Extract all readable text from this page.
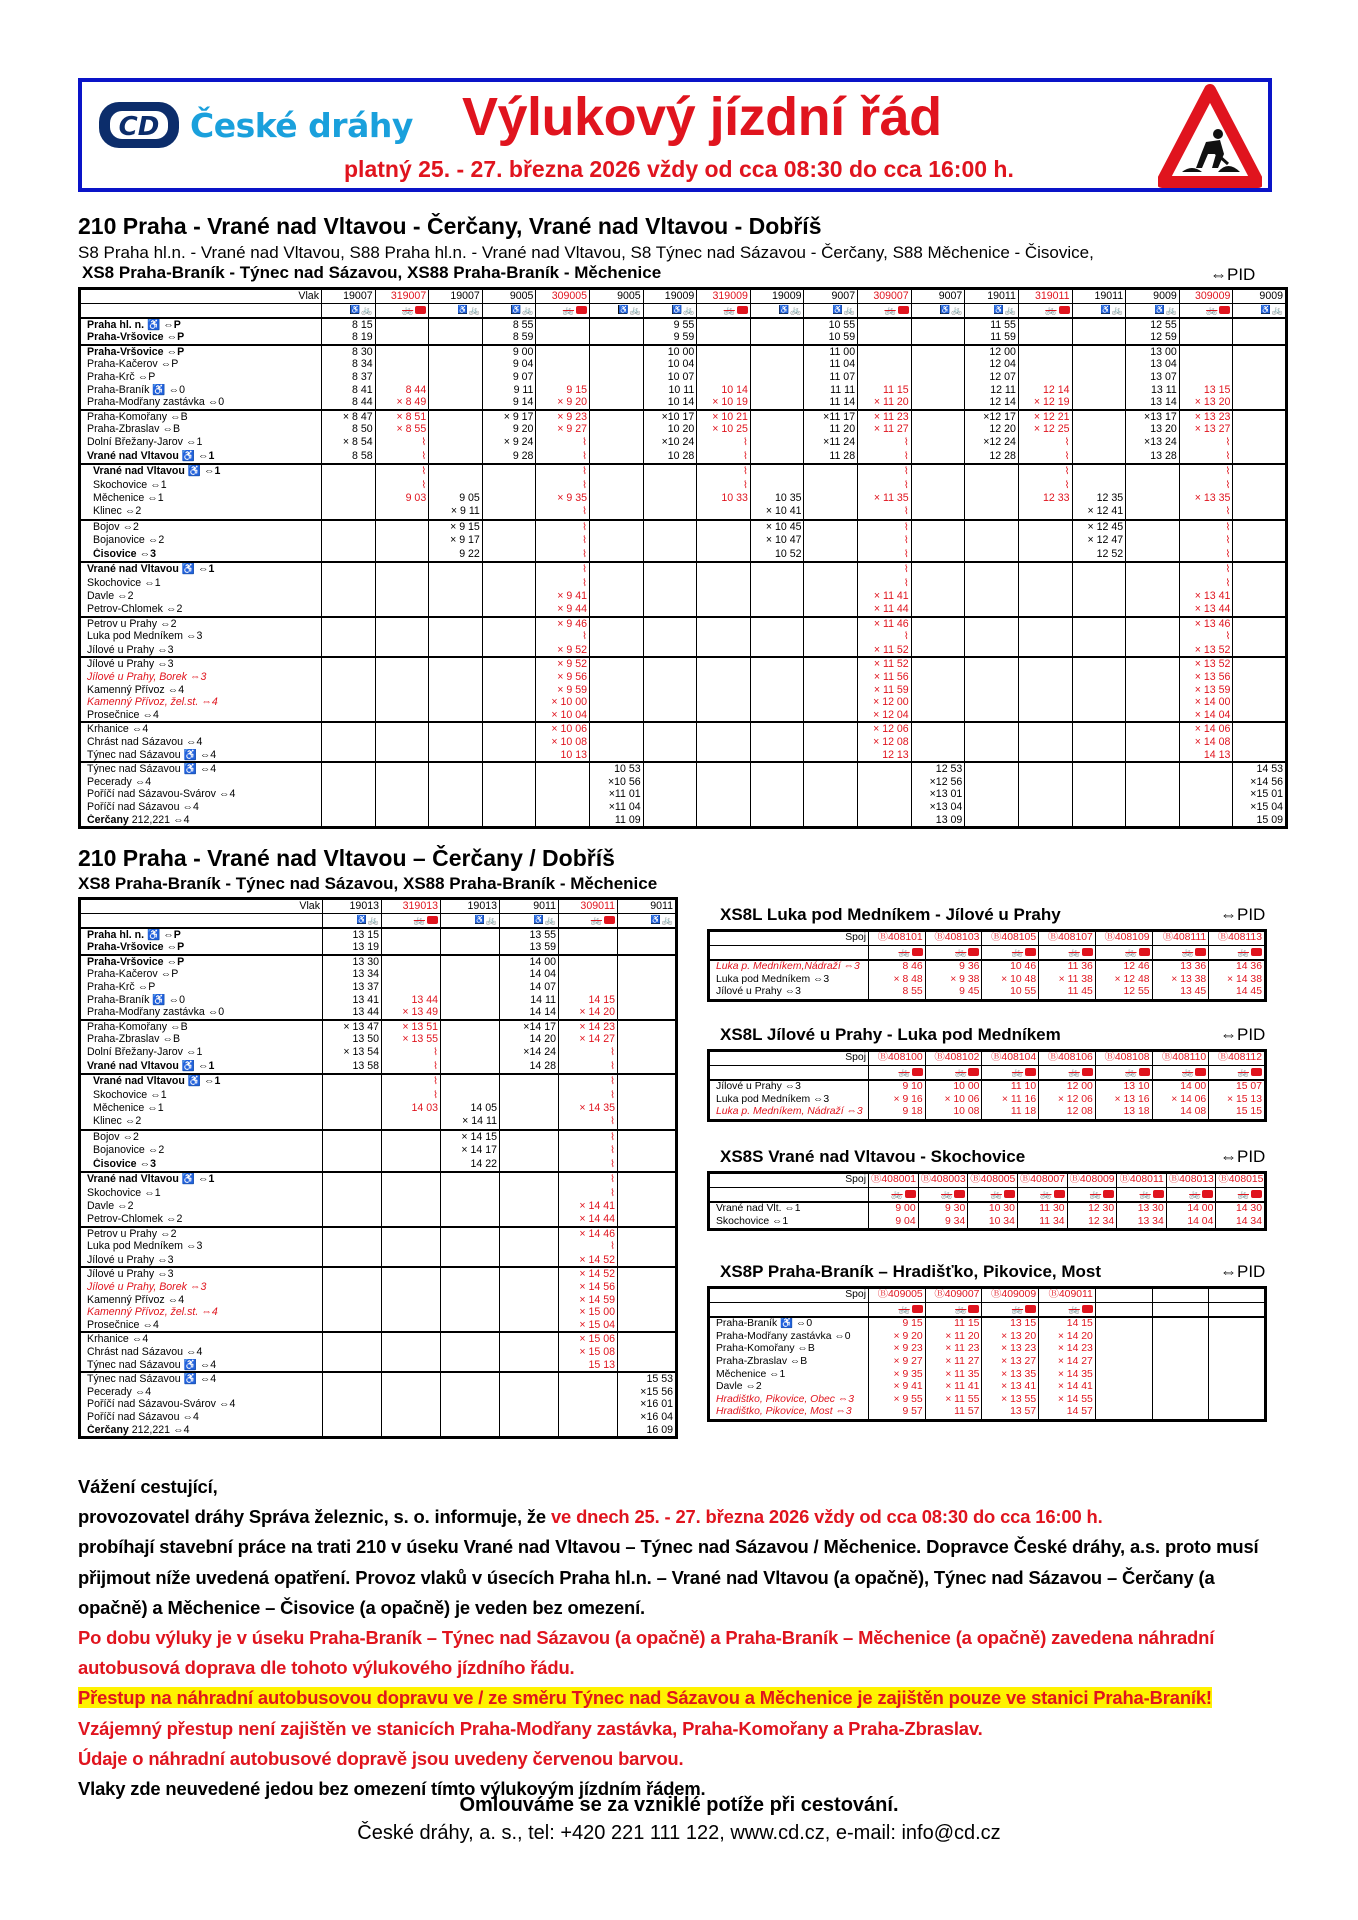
CD České dráhy Výlukový jízdní řád
platný 25. - 27. března 2026 vždy od cca 08:30 do cca 16:00 h.
210 Praha - Vrané nad Vltavou - Čerčany, Vrané nad Vltavou - Dobříš
S8 Praha hl.n. - Vrané nad Vltavou, S88 Praha hl.n. - Vrané nad Vltavou, S8 Týnec nad Sázavou - Čerčany, S88 Měchenice - Čisovice,
XS8 Praha-Braník - Týnec nad Sázavou, XS88 Praha-Braník - Měchenice	⇔PID
Vlak	19007	319007	19007	9005	309005	9005	19009	319009	19009	9007	309007	9007	19011	319011	19011	9009	309009	9009
	♿🚲	🚲	♿🚲	♿🚲	🚲	♿🚲	♿🚲	🚲	♿🚲	♿🚲	🚲	♿🚲	♿🚲	🚲	♿🚲	♿🚲	🚲	♿🚲
Praha hl. n. ♿ ⇔P	8 15			8 55			9 55			10 55			11 55			12 55		
Praha-Vršovice ⇔P	8 19			8 59			9 59			10 59			11 59			12 59		
Praha-Vršovice ⇔P	8 30			9 00			10 00			11 00			12 00			13 00		
Praha-Kačerov ⇔P	8 34			9 04			10 04			11 04			12 04			13 04		
Praha-Krč ⇔P	8 37			9 07			10 07			11 07			12 07			13 07		
Praha-Braník ♿ ⇔0	8 41	8 44		9 11	9 15		10 11	10 14		11 11	11 15		12 11	12 14		13 11	13 15	
Praha-Modřany zastávka ⇔0	8 44	× 8 49		9 14	× 9 20		10 14	× 10 19		11 14	× 11 20		12 14	× 12 19		13 14	× 13 20	
Praha-Komořany ⇔B	× 8 47	× 8 51		× 9 17	× 9 23		×10 17	× 10 21		×11 17	× 11 23		×12 17	× 12 21		×13 17	× 13 23	
Praha-Zbraslav ⇔B	8 50	× 8 55		9 20	× 9 27		10 20	× 10 25		11 20	× 11 27		12 20	× 12 25		13 20	× 13 27	
Dolní Břežany-Jarov ⇔1	× 8 54	⌇		× 9 24	⌇		×10 24	⌇		×11 24	⌇		×12 24	⌇		×13 24	⌇	
Vrané nad Vltavou ♿ ⇔1	8 58	⌇		9 28	⌇		10 28	⌇		11 28	⌇		12 28	⌇		13 28	⌇	
Vrané nad Vltavou ♿ ⇔1		⌇			⌇			⌇			⌇			⌇			⌇	
Skochovice ⇔1		⌇			⌇			⌇			⌇			⌇			⌇	
Měchenice ⇔1		9 03	9 05		× 9 35			10 33	10 35		× 11 35			12 33	12 35		× 13 35	
Klinec ⇔2			× 9 11		⌇				× 10 41		⌇				× 12 41		⌇	
Bojov ⇔2			× 9 15		⌇				× 10 45		⌇				× 12 45		⌇	
Bojanovice ⇔2			× 9 17		⌇				× 10 47		⌇				× 12 47		⌇	
Čisovice ⇔3			9 22		⌇				10 52		⌇				12 52		⌇	
Vrané nad Vltavou ♿ ⇔1					⌇						⌇						⌇	
Skochovice ⇔1					⌇						⌇						⌇	
Davle ⇔2					× 9 41						× 11 41						× 13 41	
Petrov-Chlomek ⇔2					× 9 44						× 11 44						× 13 44	
Petrov u Prahy ⇔2					× 9 46						× 11 46						× 13 46	
Luka pod Medníkem ⇔3					⌇						⌇						⌇	
Jílové u Prahy ⇔3					× 9 52						× 11 52						× 13 52	
Jílové u Prahy ⇔3					× 9 52						× 11 52						× 13 52	
Jílové u Prahy, Borek ⇔3					× 9 56						× 11 56						× 13 56	
Kamenný Přívoz ⇔4					× 9 59						× 11 59						× 13 59	
Kamenný Přívoz, žel.st. ⇔4					× 10 00						× 12 00						× 14 00	
Prosečnice ⇔4					× 10 04						× 12 04						× 14 04	
Krhanice ⇔4					× 10 06						× 12 06						× 14 06	
Chrást nad Sázavou ⇔4					× 10 08						× 12 08						× 14 08	
Týnec nad Sázavou ♿ ⇔4					10 13						12 13						14 13	
Týnec nad Sázavou ♿ ⇔4						10 53						12 53						14 53
Pecerady ⇔4						×10 56						×12 56						×14 56
Poříčí nad Sázavou-Svárov ⇔4						×11 01						×13 01						×15 01
Poříčí nad Sázavou ⇔4						×11 04						×13 04						×15 04
Čerčany 212,221 ⇔4						11 09						13 09						15 09
210 Praha - Vrané nad Vltavou – Čerčany / Dobříš
XS8 Praha-Braník - Týnec nad Sázavou, XS88 Praha-Braník - Měchenice
Vlak	19013	319013	19013	9011	309011	9011
	♿🚲	🚲	♿🚲	♿🚲	🚲	♿🚲
Praha hl. n. ♿ ⇔P	13 15			13 55		
Praha-Vršovice ⇔P	13 19			13 59		
Praha-Vršovice ⇔P	13 30			14 00		
Praha-Kačerov ⇔P	13 34			14 04		
Praha-Krč ⇔P	13 37			14 07		
Praha-Braník ♿ ⇔0	13 41	13 44		14 11	14 15	
Praha-Modřany zastávka ⇔0	13 44	× 13 49		14 14	× 14 20	
Praha-Komořany ⇔B	× 13 47	× 13 51		×14 17	× 14 23	
Praha-Zbraslav ⇔B	13 50	× 13 55		14 20	× 14 27	
Dolní Břežany-Jarov ⇔1	× 13 54	⌇		×14 24	⌇	
Vrané nad Vltavou ♿ ⇔1	13 58	⌇		14 28	⌇	
Vrané nad Vltavou ♿ ⇔1		⌇			⌇	
Skochovice ⇔1		⌇			⌇	
Měchenice ⇔1		14 03	14 05		× 14 35	
Klinec ⇔2			× 14 11		⌇	
Bojov ⇔2			× 14 15		⌇	
Bojanovice ⇔2			× 14 17		⌇	
Čisovice ⇔3			14 22		⌇	
Vrané nad Vltavou ♿ ⇔1					⌇	
Skochovice ⇔1					⌇	
Davle ⇔2					× 14 41	
Petrov-Chlomek ⇔2					× 14 44	
Petrov u Prahy ⇔2					× 14 46	
Luka pod Medníkem ⇔3					⌇	
Jílové u Prahy ⇔3					× 14 52	
Jílové u Prahy ⇔3					× 14 52	
Jílové u Prahy, Borek ⇔3					× 14 56	
Kamenný Přívoz ⇔4					× 14 59	
Kamenný Přívoz, žel.st. ⇔4					× 15 00	
Prosečnice ⇔4					× 15 04	
Krhanice ⇔4					× 15 06	
Chrást nad Sázavou ⇔4					× 15 08	
Týnec nad Sázavou ♿ ⇔4					15 13	
Týnec nad Sázavou ♿ ⇔4						15 53
Pecerady ⇔4						×15 56
Poříčí nad Sázavou-Svárov ⇔4						×16 01
Poříčí nad Sázavou ⇔4						×16 04
Čerčany 212,221 ⇔4						16 09
XS8L Luka pod Medníkem - Jílové u Prahy	⇔PID
Spoj	Ⓑ408101	Ⓑ408103	Ⓑ408105	Ⓑ408107	Ⓑ408109	Ⓑ408111	Ⓑ408113
	🚲	🚲	🚲	🚲	🚲	🚲	🚲
Luka p. Medníkem,Nádraží ⇔3	8 46	9 36	10 46	11 36	12 46	13 36	14 36
Luka pod Medníkem ⇔3	× 8 48	× 9 38	× 10 48	× 11 38	× 12 48	× 13 38	× 14 38
Jílové u Prahy ⇔3	8 55	9 45	10 55	11 45	12 55	13 45	14 45
XS8L Jílové u Prahy - Luka pod Medníkem	⇔PID
Spoj	Ⓑ408100	Ⓑ408102	Ⓑ408104	Ⓑ408106	Ⓑ408108	Ⓑ408110	Ⓑ408112
	🚲	🚲	🚲	🚲	🚲	🚲	🚲
Jílové u Prahy ⇔3	9 10	10 00	11 10	12 00	13 10	14 00	15 07
Luka pod Medníkem ⇔3	× 9 16	× 10 06	× 11 16	× 12 06	× 13 16	× 14 06	× 15 13
Luka p. Medníkem, Nádraží ⇔3	9 18	10 08	11 18	12 08	13 18	14 08	15 15
XS8S Vrané nad Vltavou - Skochovice	⇔PID
Spoj	Ⓑ408001	Ⓑ408003	Ⓑ408005	Ⓑ408007	Ⓑ408009	Ⓑ408011	Ⓑ408013	Ⓑ408015
	🚲	🚲	🚲	🚲	🚲	🚲	🚲	🚲
Vrané nad Vlt. ⇔1	9 00	9 30	10 30	11 30	12 30	13 30	14 00	14 30
Skochovice ⇔1	9 04	9 34	10 34	11 34	12 34	13 34	14 04	14 34
XS8P Praha-Braník – Hradišťko, Pikovice, Most	⇔PID
Spoj	Ⓑ409005	Ⓑ409007	Ⓑ409009	Ⓑ409011			
	🚲	🚲	🚲	🚲			
Praha-Braník ♿ ⇔0	9 15	11 15	13 15	14 15			
Praha-Modřany zastávka ⇔0	× 9 20	× 11 20	× 13 20	× 14 20			
Praha-Komořany ⇔B	× 9 23	× 11 23	× 13 23	× 14 23			
Praha-Zbraslav ⇔B	× 9 27	× 11 27	× 13 27	× 14 27			
Měchenice ⇔1	× 9 35	× 11 35	× 13 35	× 14 35			
Davle ⇔2	× 9 41	× 11 41	× 13 41	× 14 41			
Hradištko, Pikovice, Obec ⇔3	× 9 55	× 11 55	× 13 55	× 14 55			
Hradištko, Pikovice, Most ⇔3	9 57	11 57	13 57	14 57			

Vážení cestující,

provozovatel dráhy Správa železnic, s. o. informuje, že ve dnech 25. - 27. března 2026 vždy od cca 08:30 do cca 16:00 h.

probíhají stavební práce na trati 210 v úseku Vrané nad Vltavou – Týnec nad Sázavou / Měchenice. Dopravce České dráhy, a.s. proto musí přijmout níže uvedená opatření. Provoz vlaků v úsecích Praha hl.n. – Vrané nad Vltavou (a opačně), Týnec nad Sázavou – Čerčany (a opačně) a Měchenice – Čisovice (a opačně) je veden bez omezení.

Po dobu výluky je v úseku Praha-Braník – Týnec nad Sázavou (a opačně) a Praha-Braník – Měchenice (a opačně) zavedena náhradní autobusová doprava dle tohoto výlukového jízdního řádu.

Přestup na náhradní autobusovou dopravu ve / ze směru Týnec nad Sázavou a Měchenice je zajištěn pouze ve stanici Praha-Braník! Vzájemný přestup není zajištěn ve stanicích Praha-Modřany zastávka, Praha-Komořany a Praha-Zbraslav.

Údaje o náhradní autobusové dopravě jsou uvedeny červenou barvou.

Vlaky zde neuvedené jedou bez omezení tímto výlukovým jízdním řádem.

Omlouváme se za vzniklé potíže při cestování.
České dráhy, a. s., tel: +420 221 111 122, www.cd.cz, e-mail: info@cd.cz
